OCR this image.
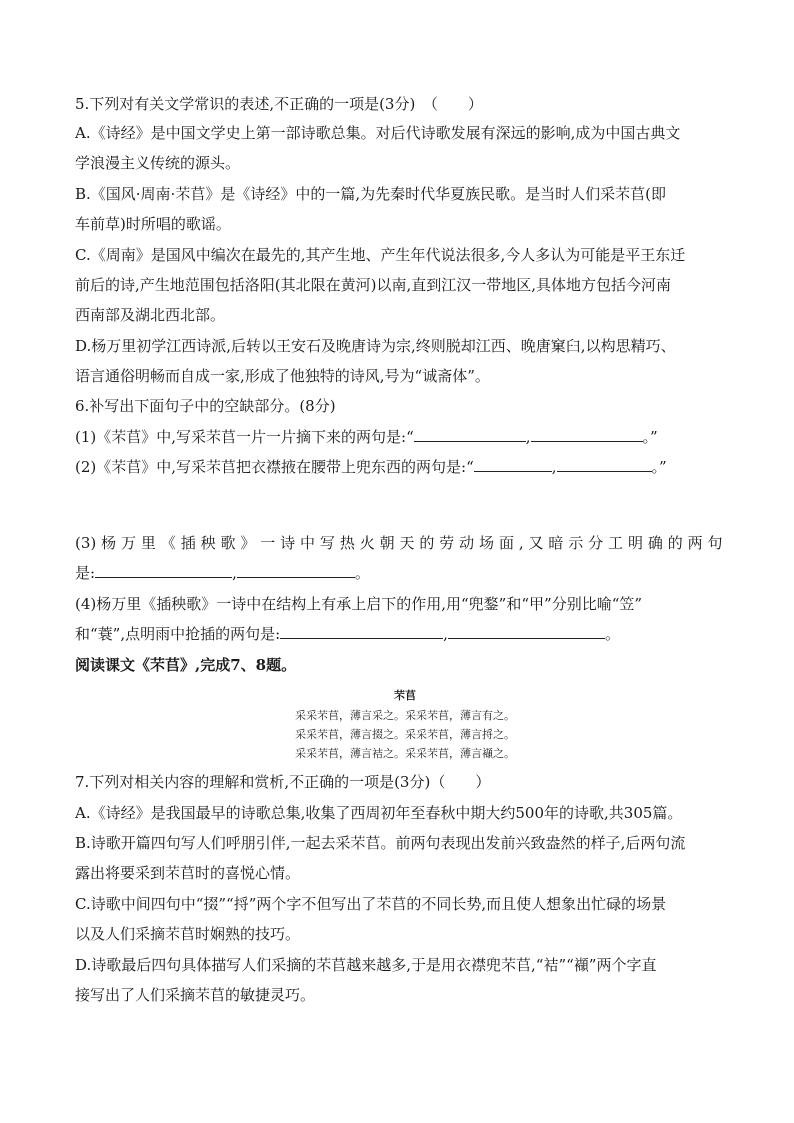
5.下列对有关文学常识的表述,不正确的一项是(3分)　（　　）
A.《诗经》是中国文学史上第一部诗歌总集。对后代诗歌发展有深远的影响,成为中国古典文
学浪漫主义传统的源头。
B.《国风·周南·芣苢》是《诗经》中的一篇,为先秦时代华夏族民歌。是当时人们采芣苢(即
车前草)时所唱的歌谣。
C.《周南》是国风中编次在最先的,其产生地、产生年代说法很多,今人多认为可能是平王东迁
前后的诗,产生地范围包括洛阳(其北限在黄河)以南,直到江汉一带地区,具体地方包括今河南
西南部及湖北西北部。
D.杨万里初学江西诗派,后转以王安石及晚唐诗为宗,终则脱却江西、晚唐窠臼,以构思精巧、
语言通俗明畅而自成一家,形成了他独特的诗风,号为“诚斋体”。
6.补写出下面句子中的空缺部分。(8分)
(1)《芣苢》中,写采芣苢一片一片摘下来的两句是:“	,	。”
(2)《芣苢》中,写采芣苢把衣襟掖在腰带上兜东西的两句是:“	,	。”
(3) 杨 万 里 《 插 秧 歌 》 一 诗 中 写 热 火 朝 天 的 劳 动 场 面 , 又 暗 示 分 工 明 确 的 两 句
是:	,	。
(4)杨万里《插秧歌》一诗中在结构上有承上启下的作用,用“兜鍪”和“甲”分别比喻“笠”
和“蓑”,点明雨中抢插的两句是:	,	。
阅读课文《芣苢》,完成7、8题。
芣苢
采采芣苢，薄言采之。采采芣苢，薄言有之。
采采芣苢，薄言掇之。采采芣苢，薄言捋之。
采采芣苢，薄言袺之。采采芣苢，薄言襭之。
7.下列对相关内容的理解和赏析,不正确的一项是(3分)（　　）
A.《诗经》是我国最早的诗歌总集,收集了西周初年至春秋中期大约500年的诗歌,共305篇。
B.诗歌开篇四句写人们呼朋引伴,一起去采芣苢。前两句表现出发前兴致盎然的样子,后两句流
露出将要采到芣苢时的喜悦心情。
C.诗歌中间四句中“掇”“捋”两个字不但写出了芣苢的不同长势,而且使人想象出忙碌的场景
以及人们采摘芣苢时娴熟的技巧。
D.诗歌最后四句具体描写人们采摘的芣苢越来越多,于是用衣襟兜芣苢,“袺”“襭”两个字直
接写出了人们采摘芣苢的敏捷灵巧。
